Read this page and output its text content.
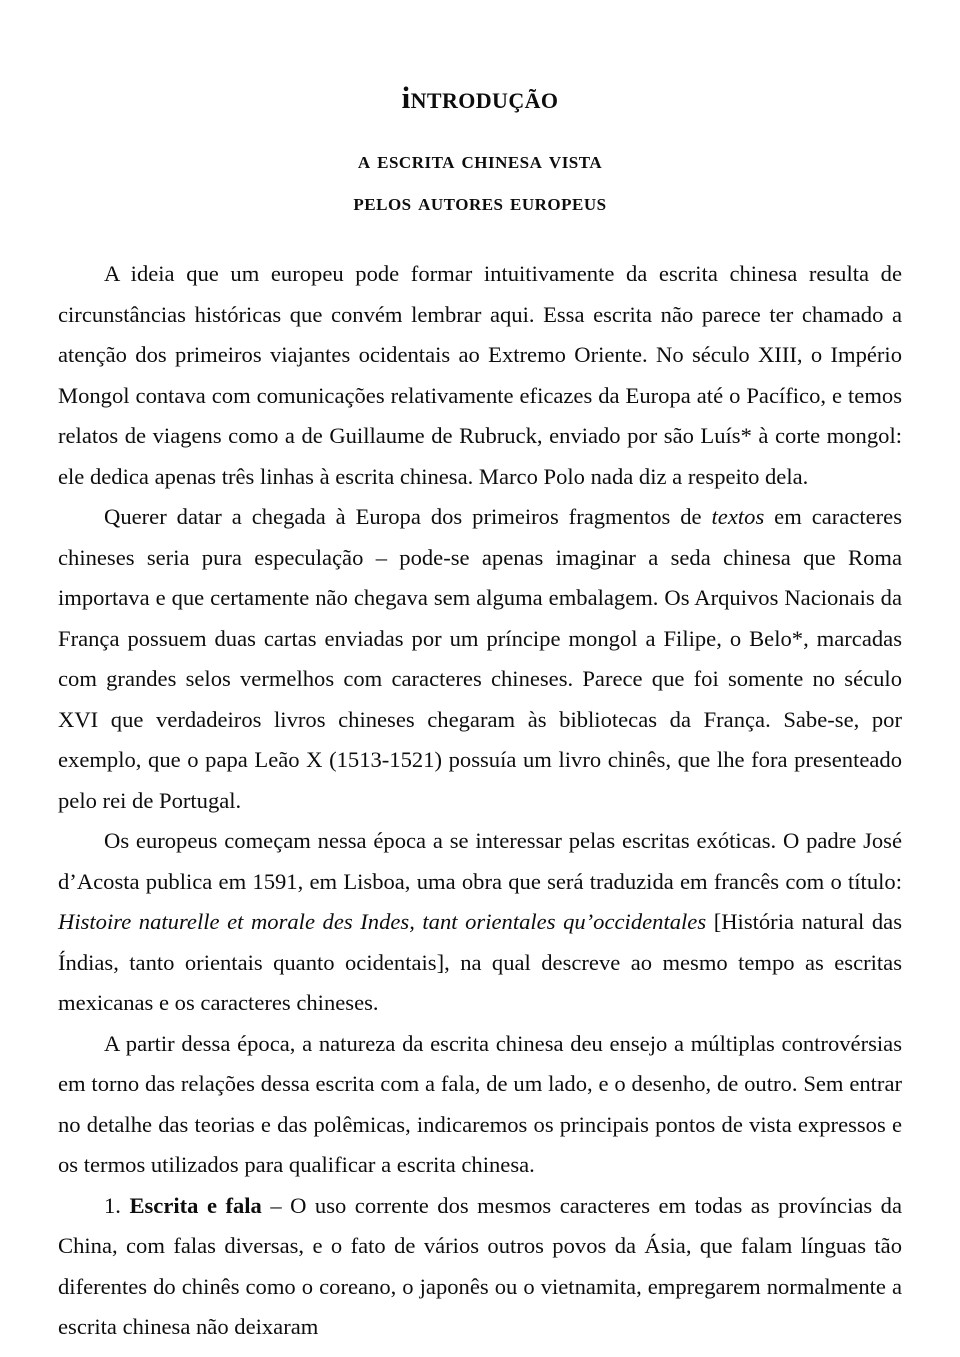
introdução
a escrita chinesa vista
pelos autores europeus

A ideia que um europeu pode formar intuitivamente da escrita chinesa resulta de circunstâncias históricas que convém lembrar aqui. Essa escrita não parece ter chamado a atenção dos primeiros viajantes ocidentais ao Extremo Oriente. No século XIII, o Império Mongol contava com comunicações relativamente eficazes da Europa até o Pacífico, e temos relatos de viagens como a de Guillaume de Rubruck, enviado por são Luís* à corte mongol: ele dedica apenas três linhas à escrita chinesa. Marco Polo nada diz a respeito dela.

Querer datar a chegada à Europa dos primeiros fragmentos de textos em caracteres chineses seria pura especulação – pode-se apenas imaginar a seda chinesa que Roma importava e que certamente não chegava sem alguma embalagem. Os Arquivos Nacionais da França possuem duas cartas enviadas por um príncipe mongol a Filipe, o Belo*, marcadas com grandes selos vermelhos com caracteres chineses. Parece que foi somente no século XVI que verdadeiros livros chineses chegaram às bibliotecas da França. Sabe-se, por exemplo, que o papa Leão X (1513-1521) possuía um livro chinês, que lhe fora presenteado pelo rei de Portugal.

Os europeus começam nessa época a se interessar pelas escritas exóticas. O padre José d’Acosta publica em 1591, em Lisboa, uma obra que será traduzida em francês com o título: Histoire naturelle et morale des Indes, tant orientales qu’occidentales [História natural das Índias, tanto orientais quanto ocidentais], na qual descreve ao mesmo tempo as escritas mexicanas e os caracteres chineses.

A partir dessa época, a natureza da escrita chinesa deu ensejo a múltiplas controvérsias em torno das relações dessa escrita com a fala, de um lado, e o desenho, de outro. Sem entrar no detalhe das teorias e das polêmicas, indicaremos os principais pontos de vista expressos e os termos utilizados para qualificar a escrita chinesa.

1. Escrita e fala – O uso corrente dos mesmos caracteres em todas as províncias da China, com falas diversas, e o fato de vários outros povos da Ásia, que falam línguas tão diferentes do chinês como o coreano, o japonês ou o vietnamita, empregarem normalmente a escrita chinesa não deixaram
